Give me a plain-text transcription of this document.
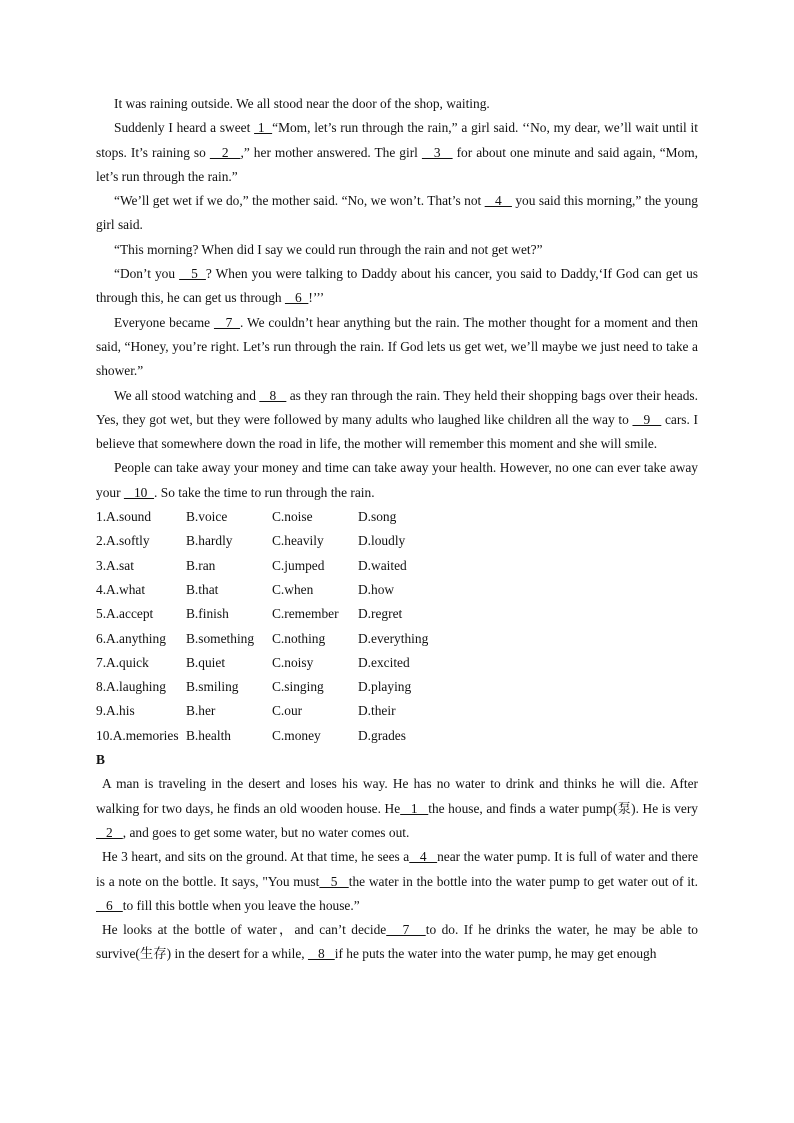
It was raining outside. We all stood near the door of the shop, waiting.

Suddenly I heard a sweet  1  “Mom, let’s run through the rain,” a girl said. ‘‘No, my dear, we’ll wait until it stops. It’s raining so    2   ,” her mother answered. The girl    3    for about one minute and said again, “Mom, let’s run through the rain.”

“We’ll get wet if we do,” the mother said. “No, we won’t. That’s not    4    you said this morning,” the young girl said.

“This morning? When did I say we could run through the rain and not get wet?”

“Don’t you    5  ? When you were talking to Daddy about his cancer, you said to Daddy,‘If God can get us through this, he can get us through    6  !’’’

Everyone became    7  . We couldn’t hear anything but the rain. The mother thought for a moment and then said, “Honey, you’re right. Let’s run through the rain. If God lets us get wet, we’ll maybe we just need to take a shower.”

We all stood watching and    8    as they ran through the rain. They held their shopping bags over their heads. Yes, they got wet, but they were followed by many adults who laughed like children all the way to    9    cars. I believe that somewhere down the road in life, the mother will remember this moment and she will smile.

People can take away your money and time can take away your health. However, no one can ever take away your    10  . So take the time to run through the rain.

1.A.sound	B.voice	C.noise	D.song
2.A.softly	B.hardly	C.heavily	D.loudly
3.A.sat	B.ran	C.jumped	D.waited
4.A.what	B.that	C.when	D.how
5.A.accept	B.finish	C.remember	D.regret
6.A.anything	B.something	C.nothing	D.everything
7.A.quick	B.quiet	C.noisy	D.excited
8.A.laughing	B.smiling	C.singing	D.playing
9.A.his	B.her	C.our	D.their
10.A.memories B.health	C.money	D.grades

B

A man is traveling in the desert and loses his way. He has no water to drink and thinks he will die. After walking for two days, he finds an old wooden house. He   1   the house, and finds a water pump(泵). He is very   2   , and goes to get some water, but no water comes out.

He 3 heart, and sits on the ground. At that time, he sees a   4   near the water pump. It is full of water and there is a note on the bottle. It says, "You must   5   the water in the bottle into the water pump to get water out of it.    6   to fill this bottle when you leave the house.”

He looks at the bottle of water，and can’t decide   7   to do. If he drinks the water, he may be able to survive(生存) in the desert for a while,    8   if he puts the water into the water pump, he may get enough
